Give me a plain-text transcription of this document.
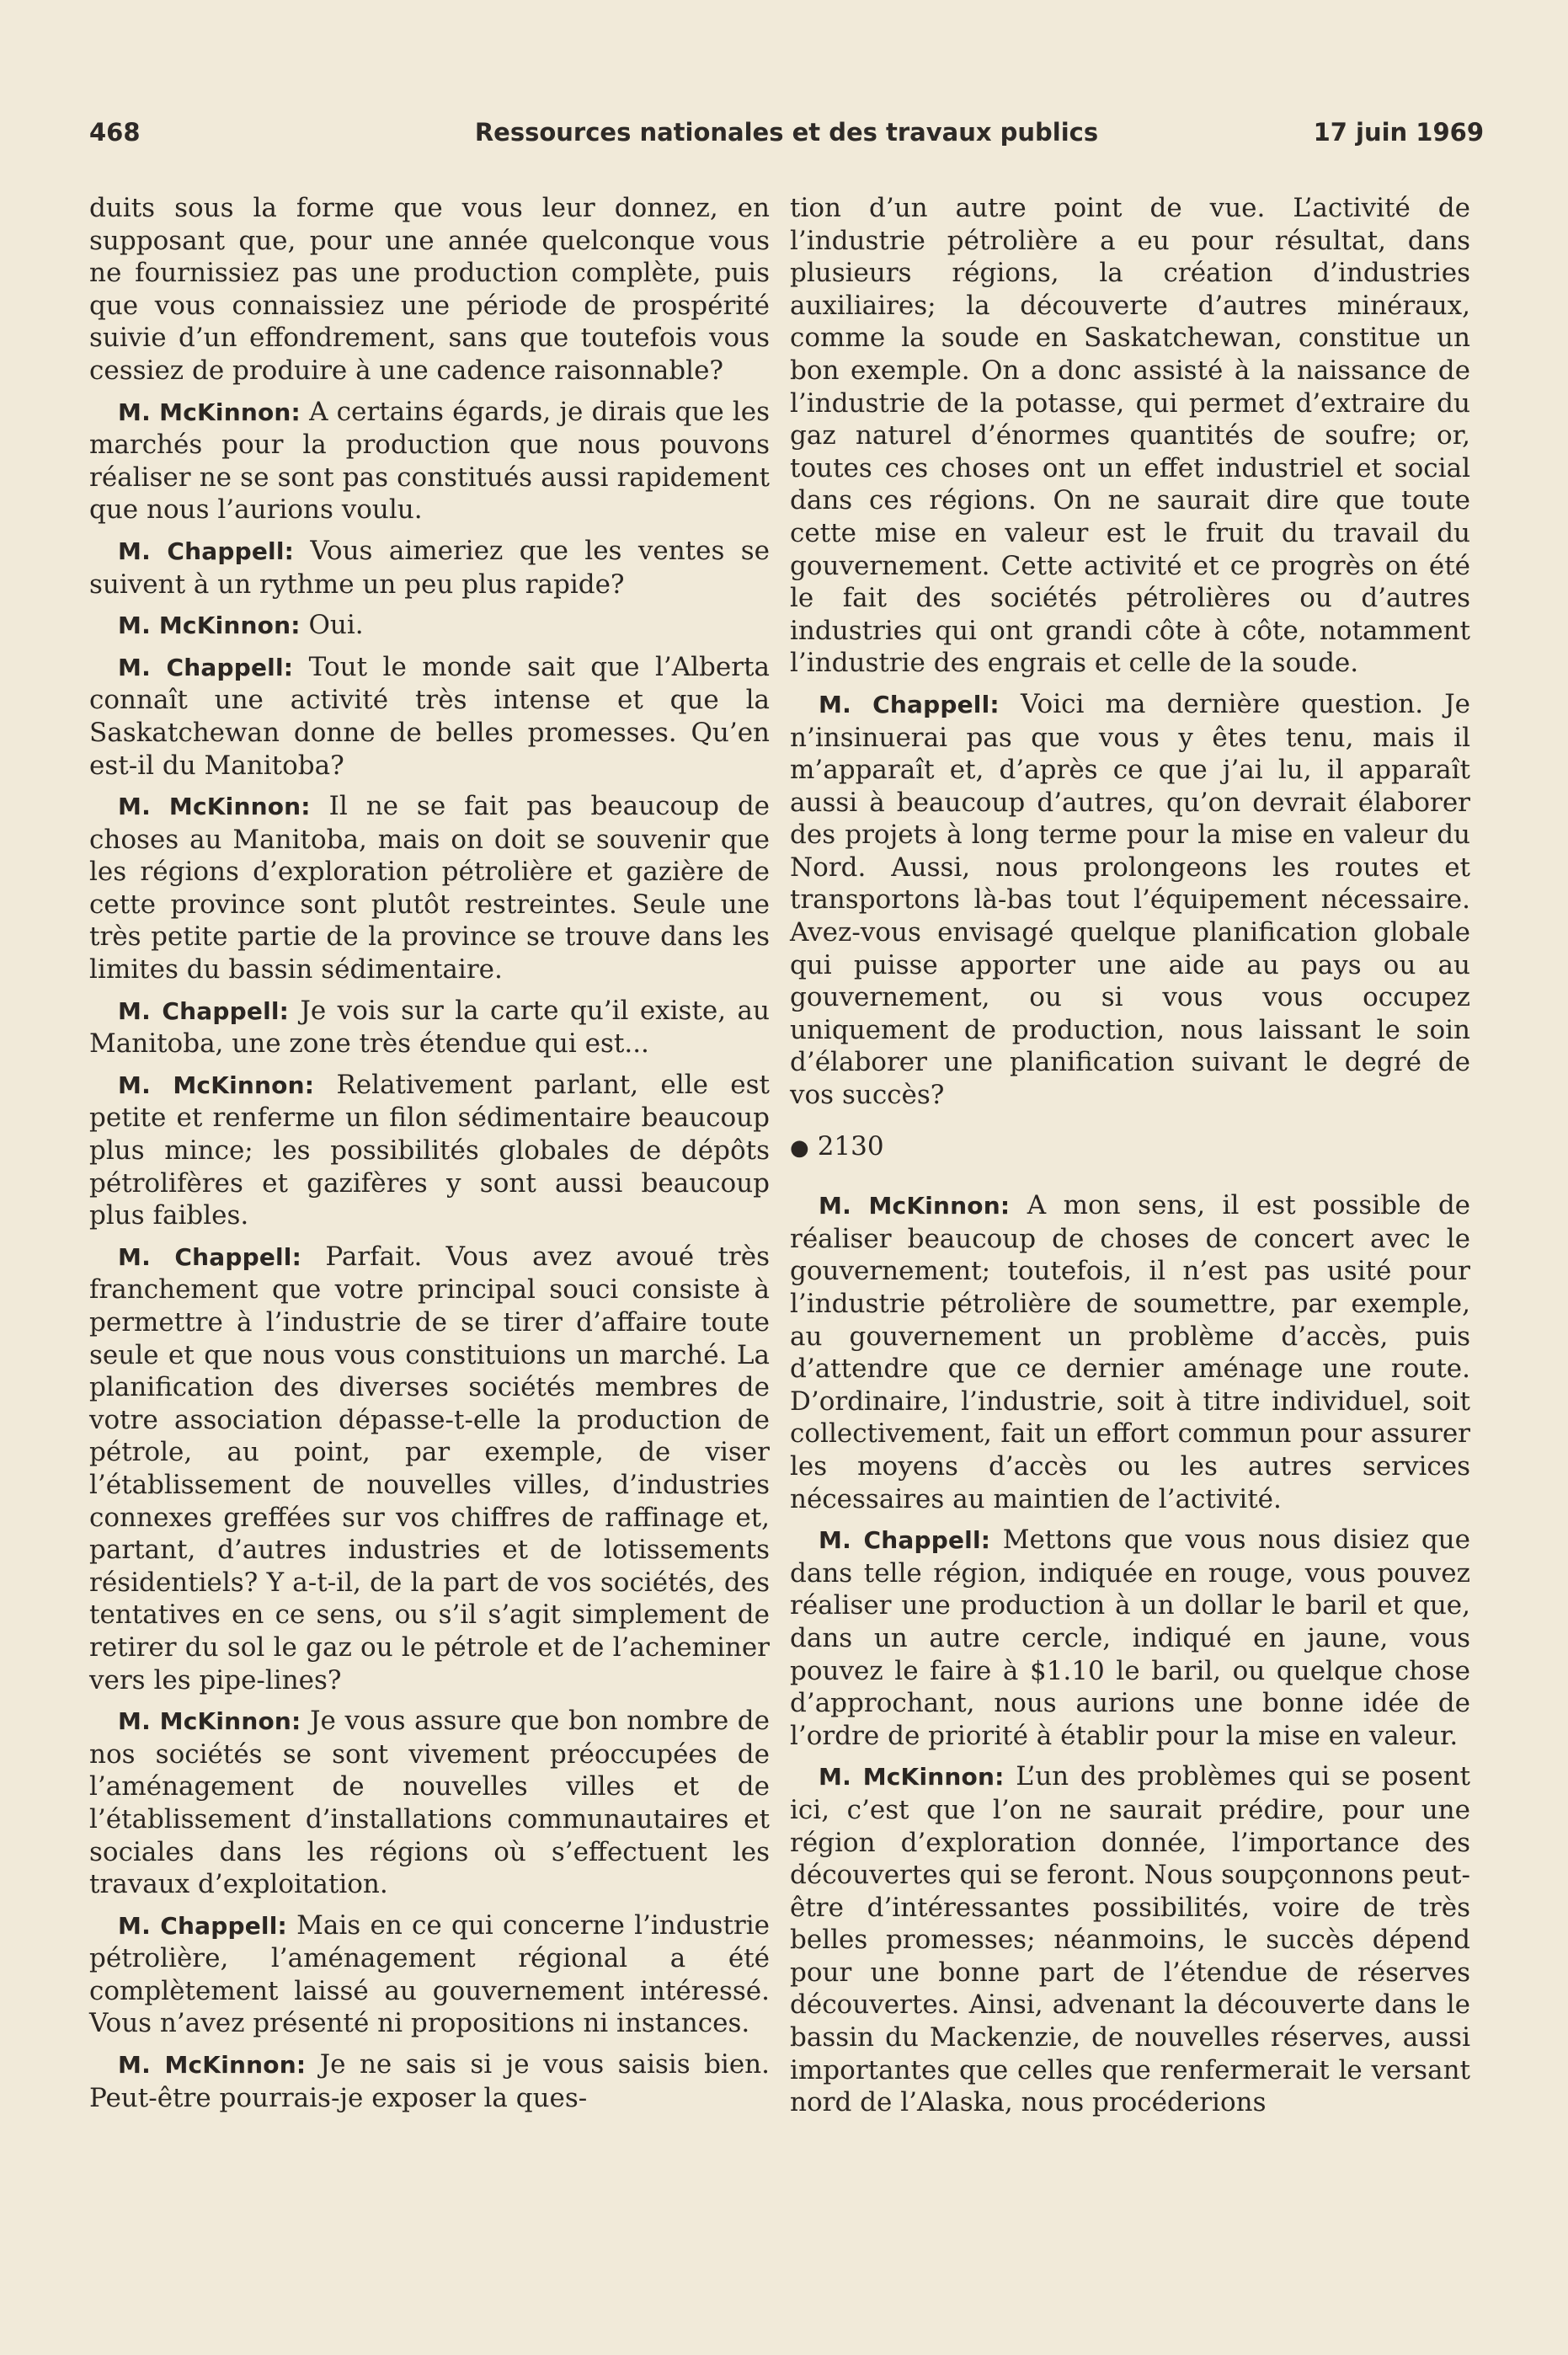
468	Ressources nationales et des travaux publics	17 juin 1969

duits sous la forme que vous leur donnez, en supposant que, pour une année quelconque vous ne fournissiez pas une production complète, puis que vous connaissiez une période de prospérité suivie d’un effondrement, sans que toutefois vous cessiez de produire à une cadence raisonnable?

M. McKinnon: A certains égards, je dirais que les marchés pour la production que nous pouvons réaliser ne se sont pas constitués aussi rapidement que nous l’aurions voulu.

M. Chappell: Vous aimeriez que les ventes se suivent à un rythme un peu plus rapide?

M. McKinnon: Oui.

M. Chappell: Tout le monde sait que l’Alberta connaît une activité très intense et que la Saskatchewan donne de belles promesses. Qu’en est-il du Manitoba?

M. McKinnon: Il ne se fait pas beaucoup de choses au Manitoba, mais on doit se souvenir que les régions d’exploration pétrolière et gazière de cette province sont plutôt restreintes. Seule une très petite partie de la province se trouve dans les limites du bassin sédimentaire.

M. Chappell: Je vois sur la carte qu’il existe, au Manitoba, une zone très étendue qui est...

M. McKinnon: Relativement parlant, elle est petite et renferme un filon sédimentaire beaucoup plus mince; les possibilités globales de dépôts pétrolifères et gazifères y sont aussi beaucoup plus faibles.

M. Chappell: Parfait. Vous avez avoué très franchement que votre principal souci consiste à permettre à l’industrie de se tirer d’affaire toute seule et que nous vous constituions un marché. La planification des diverses sociétés membres de votre association dépasse-t-elle la production de pétrole, au point, par exemple, de viser l’établissement de nouvelles villes, d’industries connexes greffées sur vos chiffres de raffinage et, partant, d’autres industries et de lotissements résidentiels? Y a-t-il, de la part de vos sociétés, des tentatives en ce sens, ou s’il s’agit simplement de retirer du sol le gaz ou le pétrole et de l’acheminer vers les pipe-lines?

M. McKinnon: Je vous assure que bon nombre de nos sociétés se sont vivement préoccupées de l’aménagement de nouvelles villes et de l’établissement d’installations communautaires et sociales dans les régions où s’effectuent les travaux d’exploitation.

M. Chappell: Mais en ce qui concerne l’industrie pétrolière, l’aménagement régional a été complètement laissé au gouvernement intéressé. Vous n’avez présenté ni propositions ni instances.

M. McKinnon: Je ne sais si je vous saisis bien. Peut-être pourrais-je exposer la ques-

tion d’un autre point de vue. L’activité de l’industrie pétrolière a eu pour résultat, dans plusieurs régions, la création d’industries auxiliaires; la découverte d’autres minéraux, comme la soude en Saskatchewan, constitue un bon exemple. On a donc assisté à la naissance de l’industrie de la potasse, qui permet d’extraire du gaz naturel d’énormes quantités de soufre; or, toutes ces choses ont un effet industriel et social dans ces régions. On ne saurait dire que toute cette mise en valeur est le fruit du travail du gouvernement. Cette activité et ce progrès on été le fait des sociétés pétrolières ou d’autres industries qui ont grandi côte à côte, notamment l’industrie des engrais et celle de la soude.

M. Chappell: Voici ma dernière question. Je n’insinuerai pas que vous y êtes tenu, mais il m’apparaît et, d’après ce que j’ai lu, il apparaît aussi à beaucoup d’autres, qu’on devrait élaborer des projets à long terme pour la mise en valeur du Nord. Aussi, nous prolongeons les routes et transportons là-bas tout l’équipement nécessaire. Avez-vous envisagé quelque planification globale qui puisse apporter une aide au pays ou au gouvernement, ou si vous vous occupez uniquement de production, nous laissant le soin d’élaborer une planification suivant le degré de vos succès?

● 2130

M. McKinnon: A mon sens, il est possible de réaliser beaucoup de choses de concert avec le gouvernement; toutefois, il n’est pas usité pour l’industrie pétrolière de soumettre, par exemple, au gouvernement un problème d’accès, puis d’attendre que ce dernier aménage une route. D’ordinaire, l’industrie, soit à titre individuel, soit collectivement, fait un effort commun pour assurer les moyens d’accès ou les autres services nécessaires au maintien de l’activité.

M. Chappell: Mettons que vous nous disiez que dans telle région, indiquée en rouge, vous pouvez réaliser une production à un dollar le baril et que, dans un autre cercle, indiqué en jaune, vous pouvez le faire à $1.10 le baril, ou quelque chose d’approchant, nous aurions une bonne idée de l’ordre de priorité à établir pour la mise en valeur.

M. McKinnon: L’un des problèmes qui se posent ici, c’est que l’on ne saurait prédire, pour une région d’exploration donnée, l’importance des découvertes qui se feront. Nous soupçonnons peut-être d’intéressantes possibilités, voire de très belles promesses; néanmoins, le succès dépend pour une bonne part de l’étendue de réserves découvertes. Ainsi, advenant la découverte dans le bassin du Mackenzie, de nouvelles réserves, aussi importantes que celles que renfermerait le versant nord de l’Alaska, nous procéderions
